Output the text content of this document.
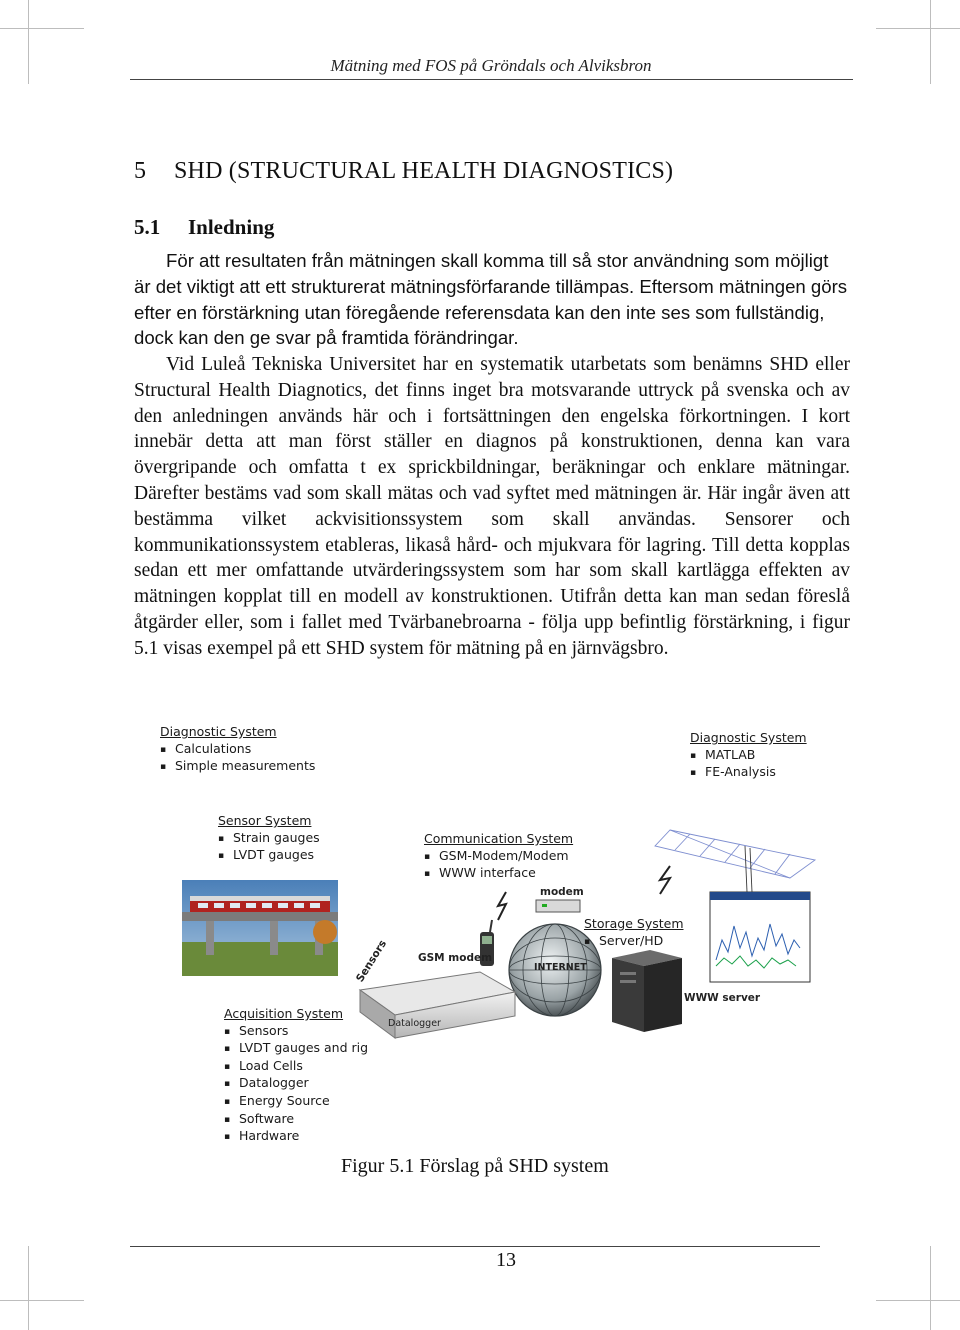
Mätning med FOS på Gröndals och Alviksbron
5 SHD (STRUCTURAL HEALTH DIAGNOSTICS)
5.1 Inledning

För att resultaten från mätningen skall komma till så stor användning som möjligt är det viktigt att ett strukturerat mätningsförfarande tillämpas. Eftersom mätningen görs efter en förstärkning utan föregående referensdata kan den inte ses som fullständig, dock kan den ge svar på framtida förändringar.

Vid Luleå Tekniska Universitet har en systematik utarbetats som benämns SHD eller Structural Health Diagnotics, det finns inget bra motsvarande uttryck på svenska och av den anledningen används här och i fortsättningen den engelska förkortningen. I kort innebär detta att man först ställer en diagnos på konstruktionen, denna kan vara övergripande och omfatta t ex sprickbildningar, beräkningar och enklare mätningar. Därefter bestäms vad som skall mätas och vad syftet med mätningen är. Här ingår även att bestämma vilket ackvisitionssystem som skall användas. Sensorer och kommunikationssystem etableras, likaså hård- och mjukvara för lagring. Till detta kopplas sedan ett mer omfattande utvärderingssystem som har som skall kartlägga effekten av mätningen kopplat till en modell av konstruktionen. Utifrån detta kan man sedan föreslå åtgärder eller, som i fallet med Tvärbanebroarna - följa upp befintlig förstärkning, i figur 5.1 visas exempel på ett SHD system för mätning på en järnvägsbro.

Diagnostic System
▪ Calculations
▪ Simple measurements
Diagnostic System
▪ MATLAB
▪ FE-Analysis
Sensor System
▪ Strain gauges
▪ LVDT gauges
Communication System
▪ GSM-Modem/Modem
▪ WWW interface
Storage System
▪ Server/HD
Acquisition System
▪ Sensors
▪ LVDT gauges and rig
▪ Load Cells
▪ Datalogger
▪ Energy Source
▪ Software
▪ Hardware
modem
GSM modem
INTERNET
WWW server
Sensors
Datalogger
Figur 5.1 Förslag på SHD system
13
